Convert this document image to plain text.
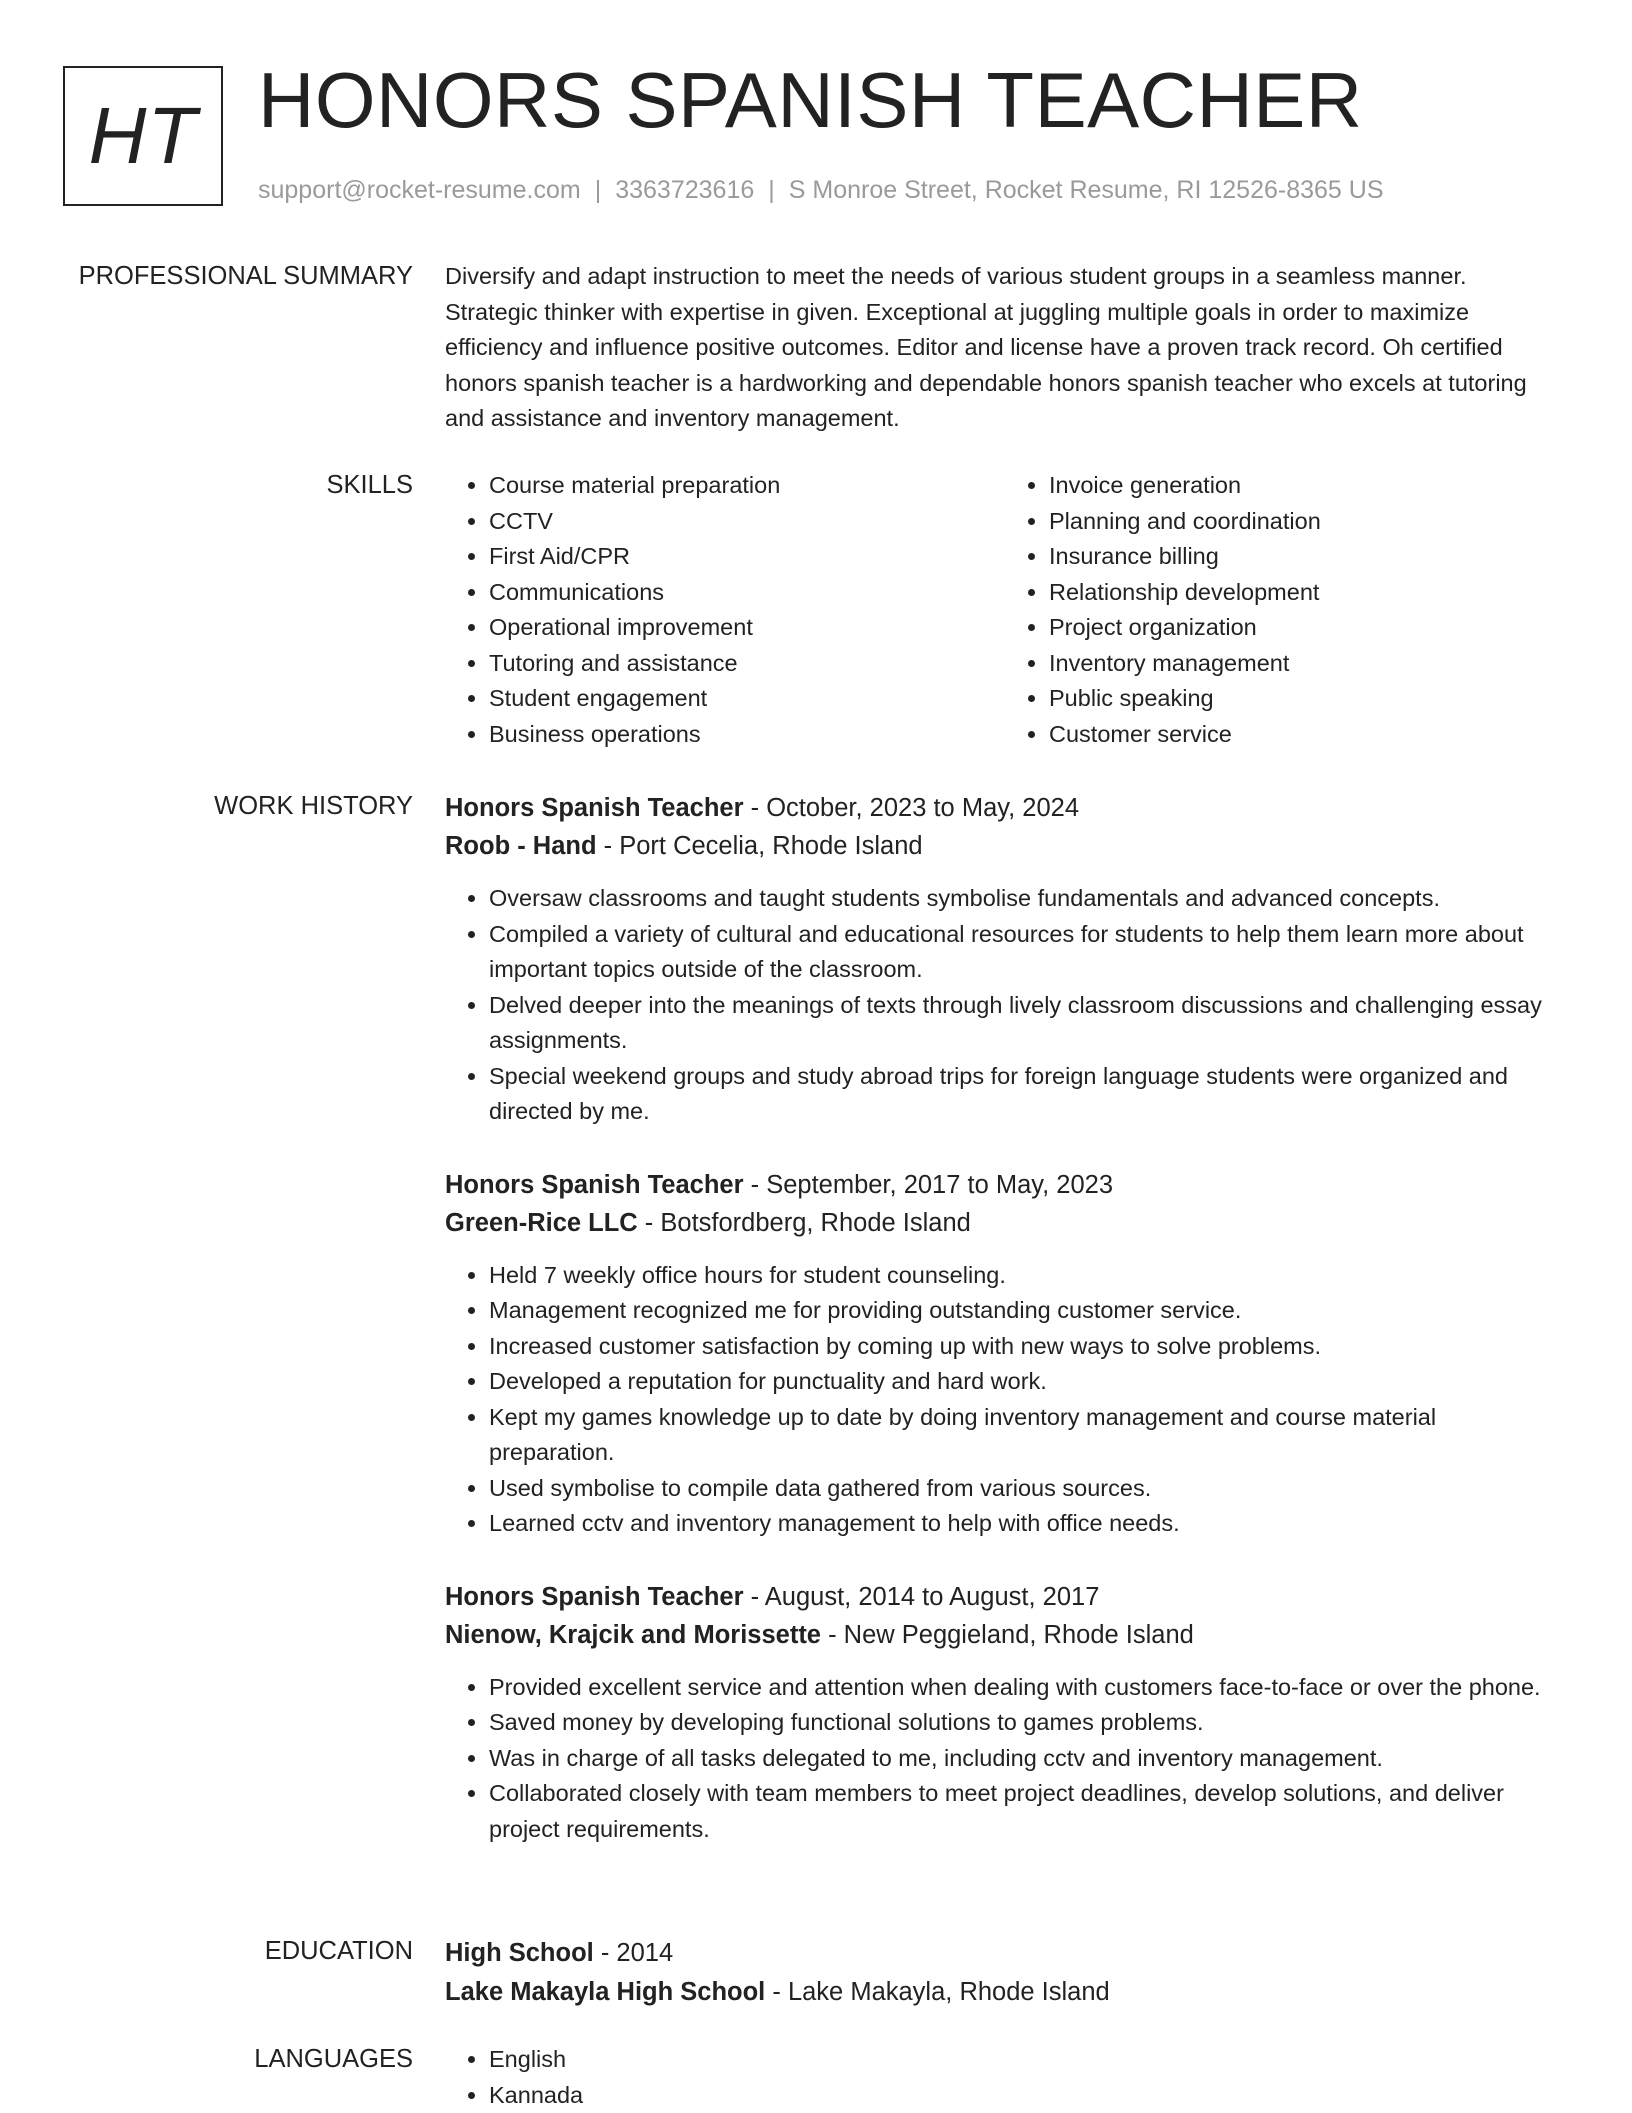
HT HONORS SPANISH TEACHER
support@rocket-resume.com | 3363723616 | S Monroe Street, Rocket Resume, RI 12526-8365 US
PROFESSIONAL SUMMARY Diversify and adapt instruction to meet the needs of various student groups in a seamless manner. Strategic thinker with expertise in given. Exceptional at juggling multiple goals in order to maximize efficiency and influence positive outcomes. Editor and license have a proven track record. Oh certified honors spanish teacher is a hardworking and dependable honors spanish teacher who excels at tutoring and assistance and inventory management.
SKILLS	• Course material preparation
• CCTV
• First Aid/CPR
• Communications
• Operational improvement
• Tutoring and assistance
• Student engagement
• Business operations
• Invoice generation
• Planning and coordination
• Insurance billing
• Relationship development
• Project organization
• Inventory management
• Public speaking
• Customer service
WORK HISTORY Honors Spanish Teacher - October, 2023 to May, 2024
Roob - Hand - Port Cecelia, Rhode Island
• Oversaw classrooms and taught students symbolise fundamentals and advanced concepts.
• Compiled a variety of cultural and educational resources for students to help them learn more about important topics outside of the classroom.
• Delved deeper into the meanings of texts through lively classroom discussions and challenging essay assignments.
• Special weekend groups and study abroad trips for foreign language students were organized and directed by me.
Honors Spanish Teacher - September, 2017 to May, 2023
Green-Rice LLC - Botsfordberg, Rhode Island
• Held 7 weekly office hours for student counseling.
• Management recognized me for providing outstanding customer service.
• Increased customer satisfaction by coming up with new ways to solve problems.
• Developed a reputation for punctuality and hard work.
• Kept my games knowledge up to date by doing inventory management and course material preparation.
• Used symbolise to compile data gathered from various sources.
• Learned cctv and inventory management to help with office needs.
Honors Spanish Teacher - August, 2014 to August, 2017
Nienow, Krajcik and Morissette - New Peggieland, Rhode Island
• Provided excellent service and attention when dealing with customers face-to-face or over the phone.
• Saved money by developing functional solutions to games problems.
• Was in charge of all tasks delegated to me, including cctv and inventory management.
• Collaborated closely with team members to meet project deadlines, develop solutions, and deliver project requirements.
EDUCATION High School - 2014
Lake Makayla High School - Lake Makayla, Rhode Island
LANGUAGES	• English
• Kannada
